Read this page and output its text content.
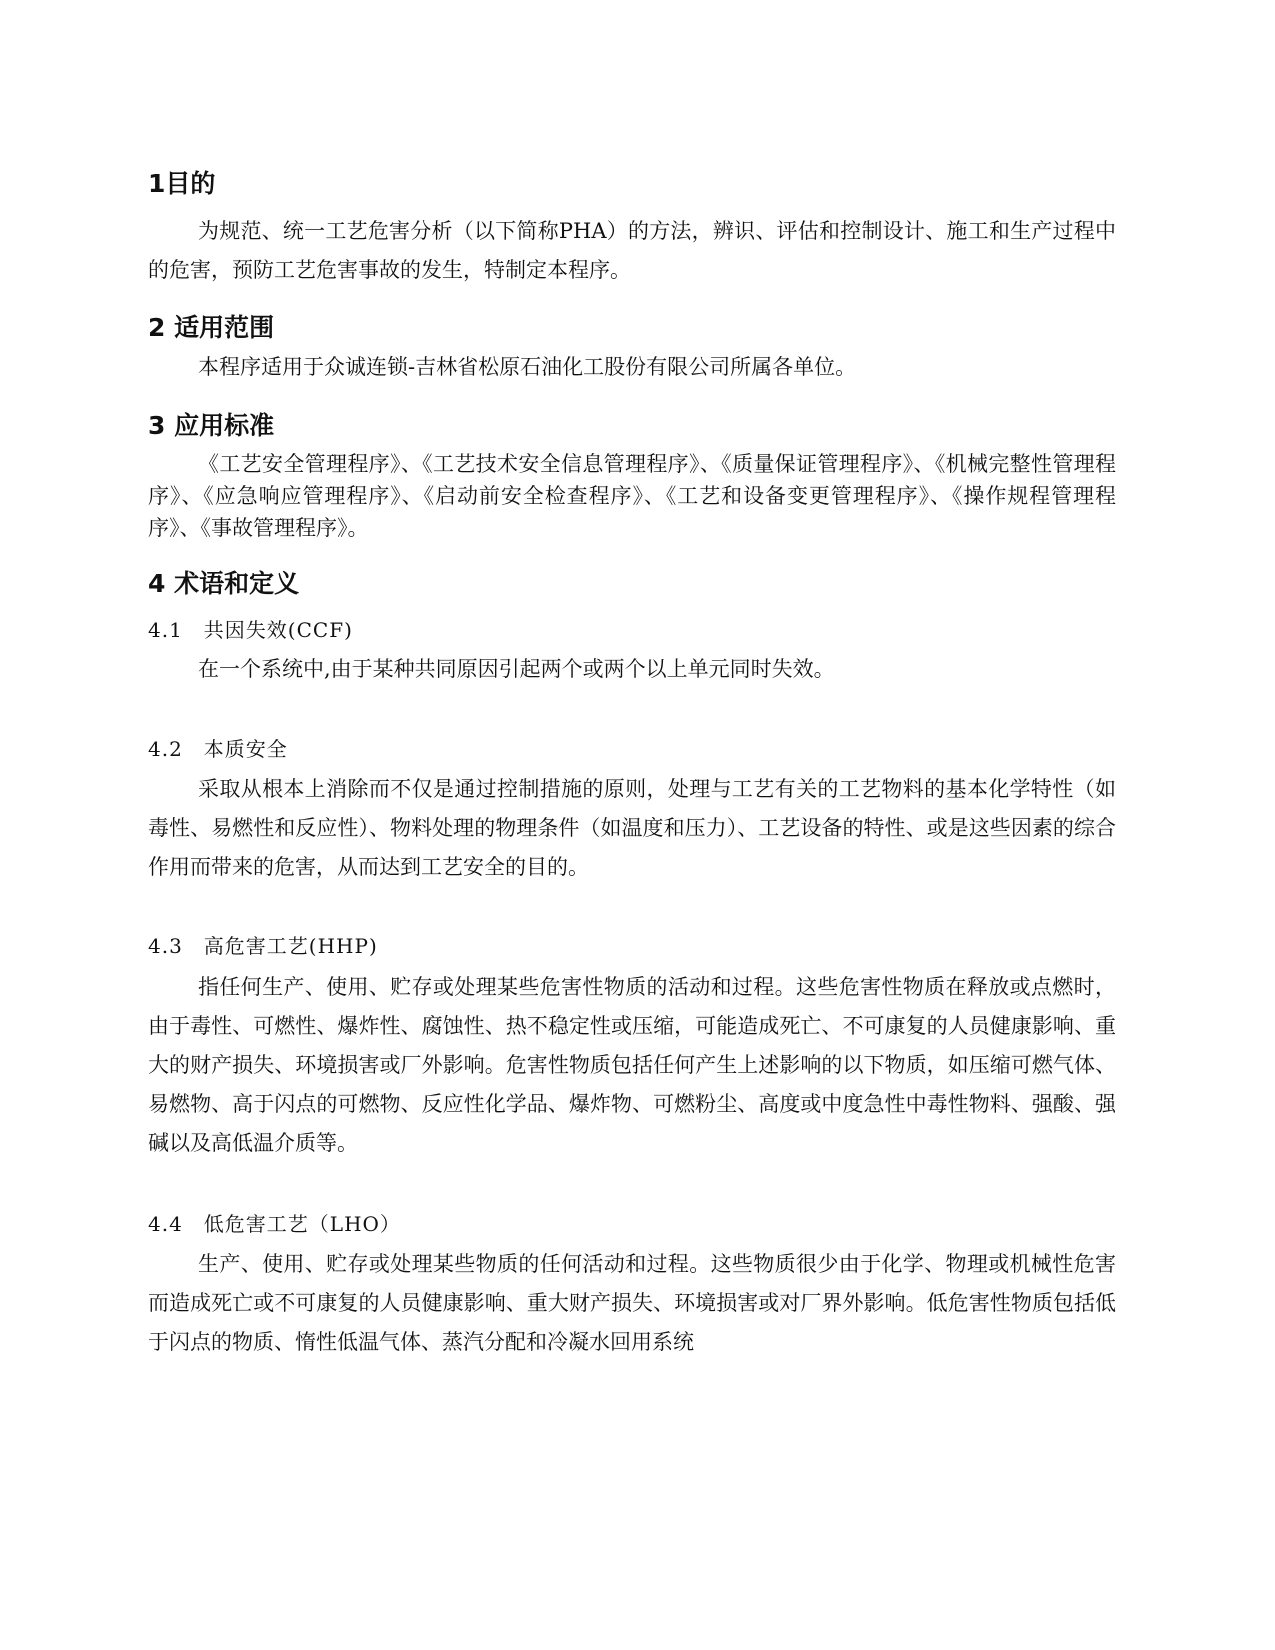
1目的

为规范、统一工艺危害分析（以下简称PHA）的方法，辨识、评估和控制设计、施工和生产过程中的危害，预防工艺危害事故的发生，特制定本程序。

2 适用范围

本程序适用于众诚连锁-吉林省松原石油化工股份有限公司所属各单位。

3 应用标准

《工艺安全管理程序》、《工艺技术安全信息管理程序》、《质量保证管理程序》、《机械完整性管理程序》、《应急响应管理程序》、《启动前安全检查程序》、《工艺和设备变更管理程序》、《操作规程管理程序》、《事故管理程序》。

4 术语和定义
4.1　共因失效(CCF)

在一个系统中,由于某种共同原因引起两个或两个以上单元同时失效。

4.2　本质安全

采取从根本上消除而不仅是通过控制措施的原则，处理与工艺有关的工艺物料的基本化学特性（如毒性、易燃性和反应性）、物料处理的物理条件（如温度和压力）、工艺设备的特性、或是这些因素的综合作用而带来的危害，从而达到工艺安全的目的。

4.3　高危害工艺(HHP)

指任何生产、使用、贮存或处理某些危害性物质的活动和过程。这些危害性物质在释放或点燃时，由于毒性、可燃性、爆炸性、腐蚀性、热不稳定性或压缩，可能造成死亡、不可康复的人员健康影响、重大的财产损失、环境损害或厂外影响。危害性物质包括任何产生上述影响的以下物质，如压缩可燃气体、易燃物、高于闪点的可燃物、反应性化学品、爆炸物、可燃粉尘、高度或中度急性中毒性物料、强酸、强碱以及高低温介质等。

4.4　低危害工艺（LHO）

生产、使用、贮存或处理某些物质的任何活动和过程。这些物质很少由于化学、物理或机械性危害而造成死亡或不可康复的人员健康影响、重大财产损失、环境损害或对厂界外影响。低危害性物质包括低于闪点的物质、惰性低温气体、蒸汽分配和冷凝水回用系统
